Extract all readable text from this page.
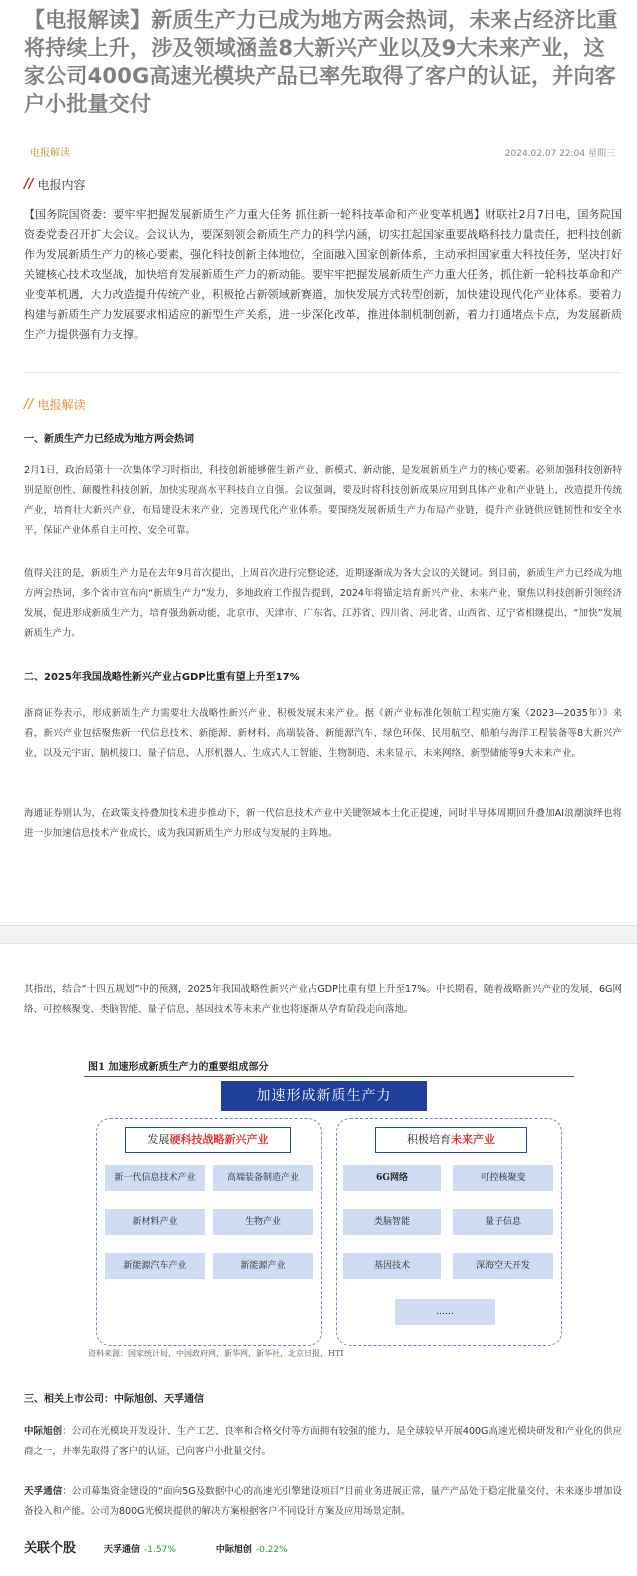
【电报解读】新质生产力已成为地方两会热词，未来占经济比重将持续上升，涉及领域涵盖8大新兴产业以及9大未来产业，这家公司400G高速光模块产品已率先取得了客户的认证，并向客户小批量交付
电报解读	2024.02.07 22:04 星期三
// 电报内容

【国务院国资委：要牢牢把握发展新质生产力重大任务 抓住新一轮科技革命和产业变革机遇】财联社2月7日电，国务院国资委党委召开扩大会议。会议认为，要深刻领会新质生产力的科学内涵，切实扛起国家重要战略科技力量责任，把科技创新作为发展新质生产力的核心要素，强化科技创新主体地位，全面融入国家创新体系，主动承担国家重大科技任务，坚决打好关键核心技术攻坚战，加快培育发展新质生产力的新动能。要牢牢把握发展新质生产力重大任务，抓住新一轮科技革命和产业变革机遇，大力改造提升传统产业，积极抢占新领域新赛道，加快发展方式转型创新，加快建设现代化产业体系。要着力构建与新质生产力发展要求相适应的新型生产关系，进一步深化改革，推进体制机制创新，着力打通堵点卡点，为发展新质生产力提供强有力支撑。

// 电报解读

一、新质生产力已经成为地方两会热词

2月1日，政治局第十一次集体学习时指出，科技创新能够催生新产业、新模式、新动能，是发展新质生产力的核心要素。必须加强科技创新特别是原创性、颠覆性科技创新，加快实现高水平科技自立自强。会议强调，要及时将科技创新成果应用到具体产业和产业链上，改造提升传统产业，培育壮大新兴产业，布局建设未来产业，完善现代化产业体系。要围绕发展新质生产力布局产业链，提升产业链供应链韧性和安全水平，保证产业体系自主可控、安全可靠。

值得关注的是，新质生产力是在去年9月首次提出，上周首次进行完整论述，近期逐渐成为各大会议的关键词。到目前，新质生产力已经成为地方两会热词，多个省市宣布向“新质生产力”发力，多地政府工作报告提到，2024年将锚定培育新兴产业、未来产业，聚焦以科技创新引领经济发展，促进形成新质生产力，培育强劲新动能，北京市、天津市、广东省、江苏省、四川省、河北省、山西省、辽宁省相继提出，“加快”发展新质生产力。

二、2025年我国战略性新兴产业占GDP比重有望上升至17%

浙商证券表示，形成新质生产力需要壮大战略性新兴产业、积极发展未来产业。据《新产业标准化领航工程实施方案（2023—2035年）》来看，新兴产业包括聚焦新一代信息技术、新能源、新材料、高端装备、新能源汽车、绿色环保、民用航空、船舶与海洋工程装备等8大新兴产业，以及元宇宙、脑机接口、量子信息、人形机器人、生成式人工智能、生物制造、未来显示、未来网络、新型储能等9大未来产业。

海通证券则认为，在政策支持叠加技术进步推动下，新一代信息技术产业中关键领域本土化正提速，同时半导体周期回升叠加AI浪潮演绎也将进一步加速信息技术产业成长，成为我国新质生产力形成与发展的主阵地。

其指出，结合“十四五规划”中的预测，2025年我国战略性新兴产业占GDP比重有望上升至17%。中长期看，随着战略新兴产业的发展，6G网络、可控核聚变、类脑智能、量子信息、基因技术等未来产业也将逐渐从孕育阶段走向落地。

图1 加速形成新质生产力的重要组成部分
加速形成新质生产力
发展硬科技战略新兴产业
新一代信息技术产业	高端装备制造产业
新材料产业	生物产业
新能源汽车产业	新能源产业
积极培育未来产业
6G网络	可控核聚变
类脑智能	量子信息
基因技术	深海空天开发
……
资料来源：国家统计局，中国政府网，新华网，新华社，北京日报，HTI

三、相关上市公司：中际旭创、天孚通信

中际旭创：公司在光模块开发设计、生产工艺、良率和合格交付等方面拥有较强的能力，是全球较早开展400G高速光模块研发和产业化的供应商之一，并率先取得了客户的认证，已向客户小批量交付。

天孚通信：公司募集资金建设的“面向5G及数据中心的高速光引擎建设项目”目前业务进展正常，量产产品处于稳定批量交付，未来逐步增加设备投入和产能。公司为800G光模块提供的解决方案根据客户不同设计方案及应用场景定制。

关联个股	天孚通信 -1.57%	中际旭创 -0.22%
